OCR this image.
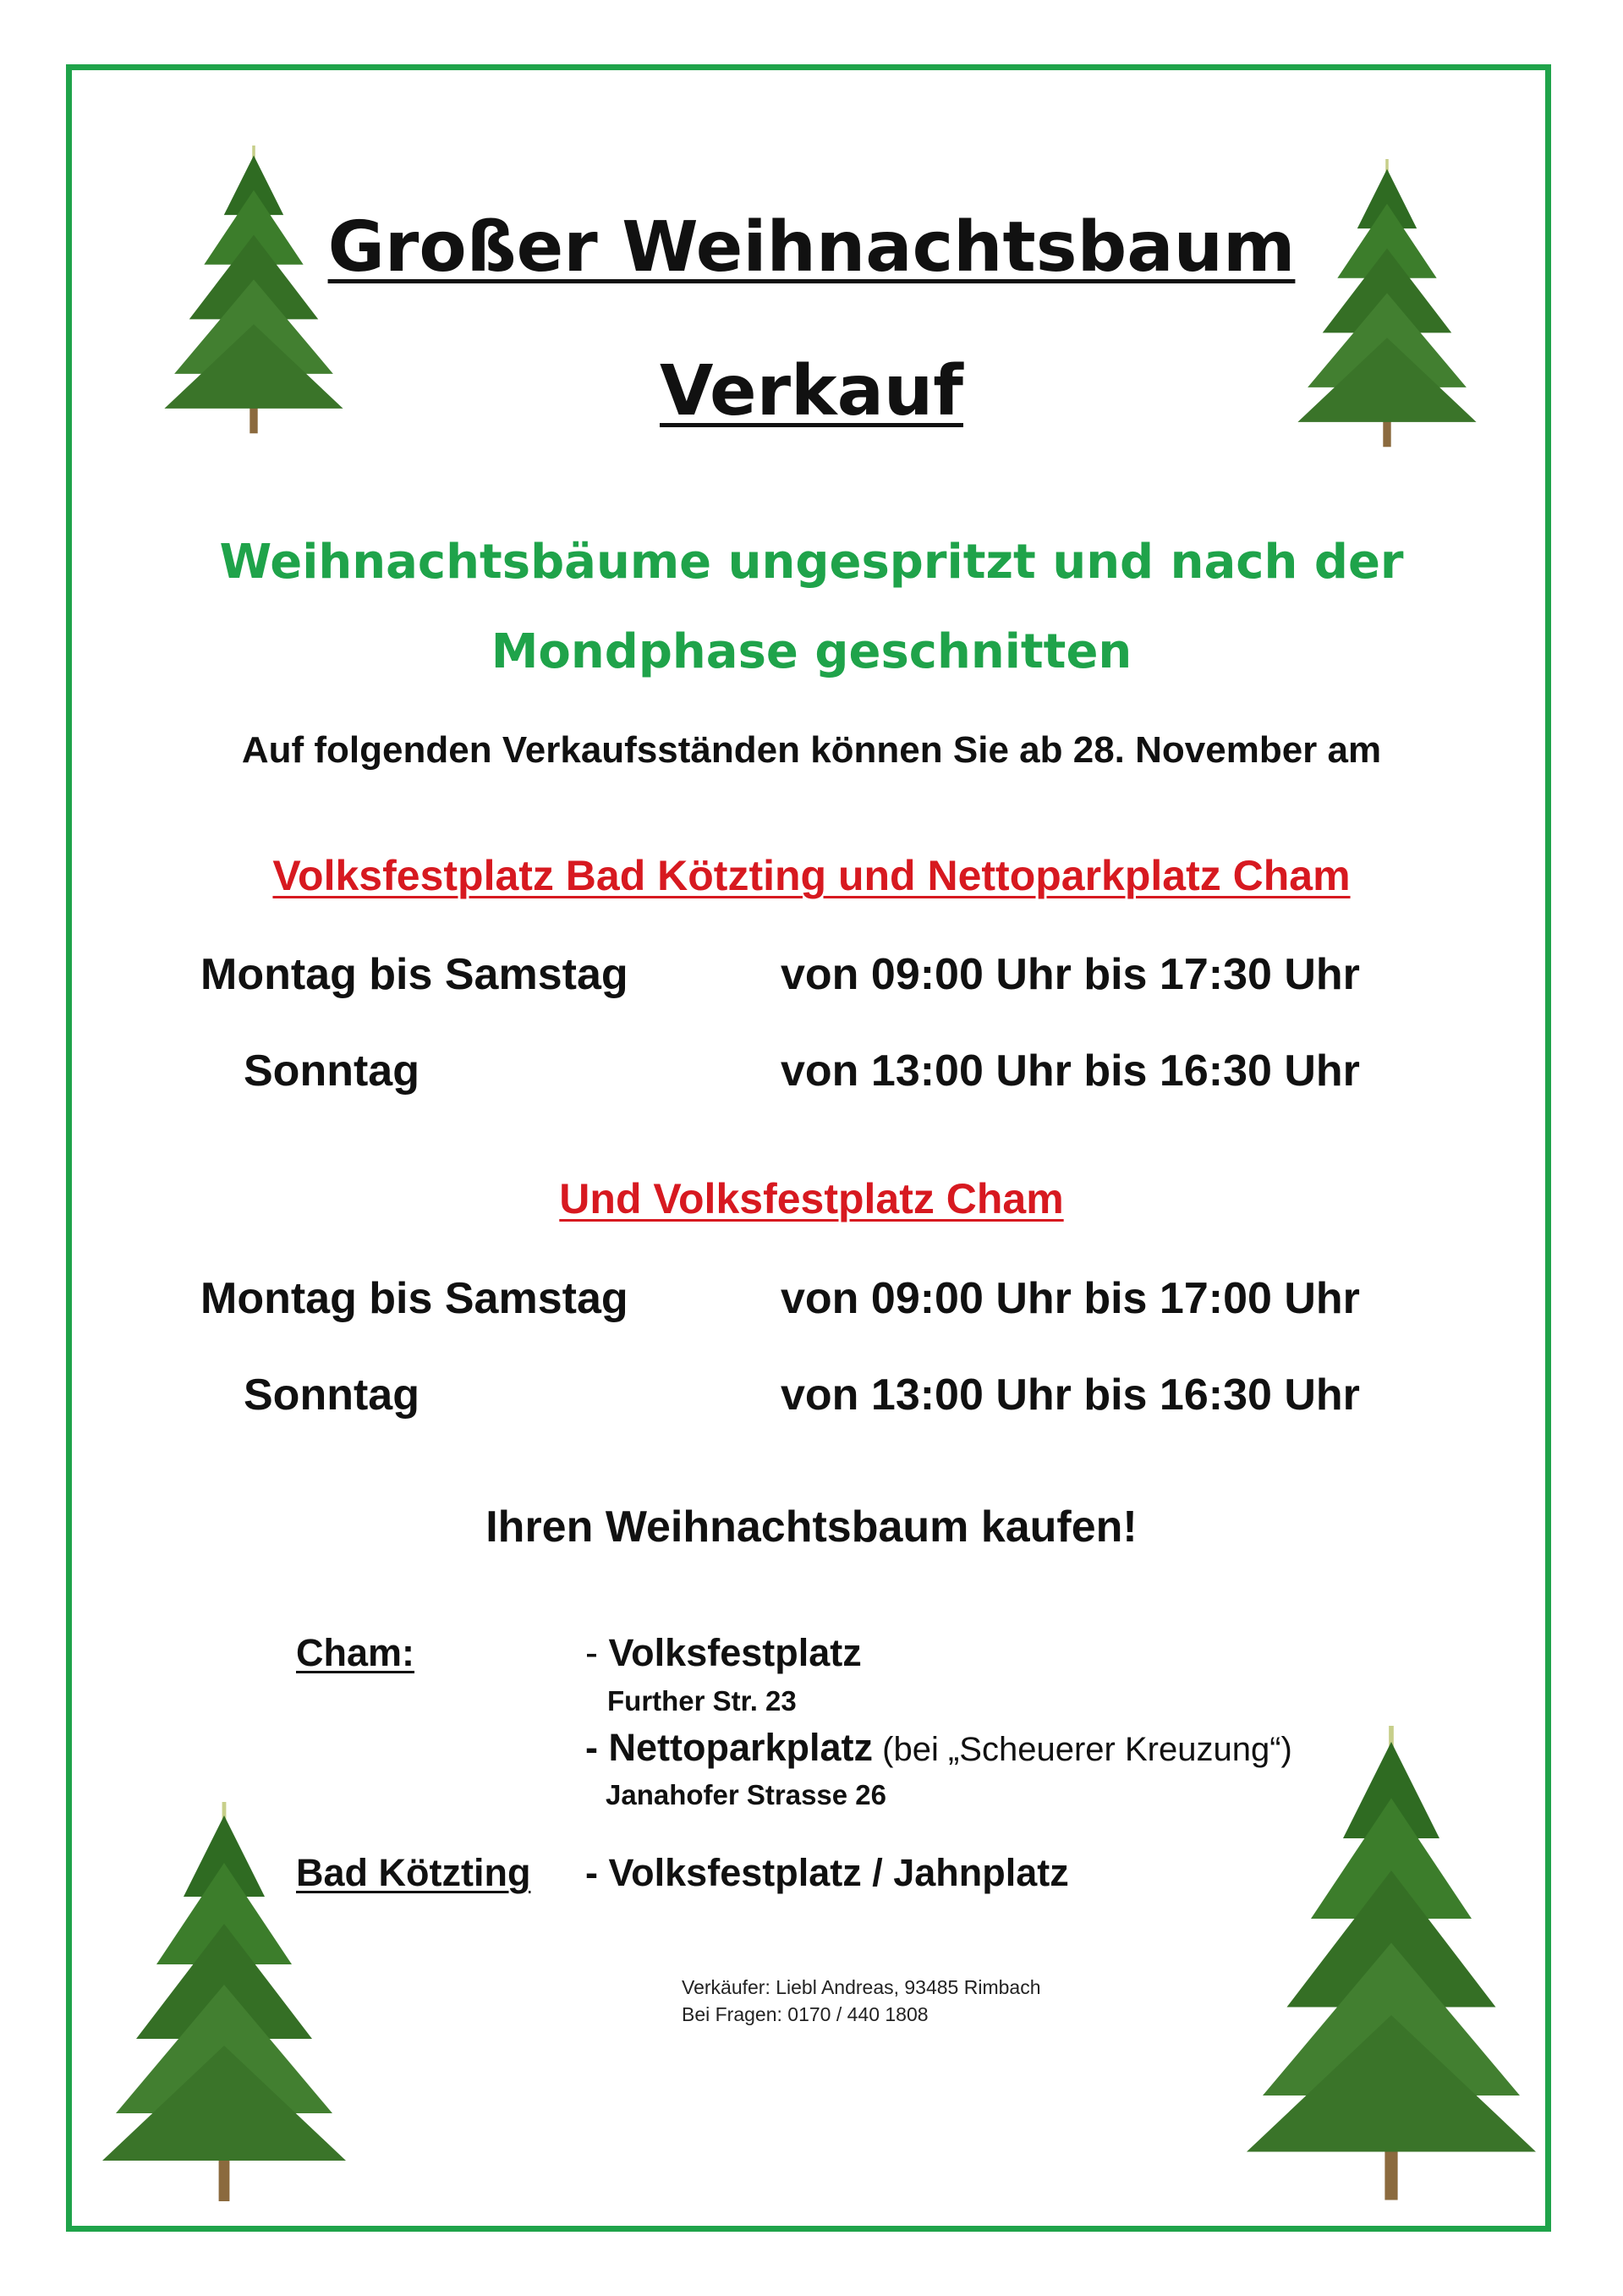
Großer Weihnachtsbaum
Verkauf
Weihnachtsbäume ungespritzt und nach der
Mondphase geschnitten
Auf folgenden Verkaufsständen können Sie ab 28. November am
Volksfestplatz Bad Kötzting und Nettoparkplatz Cham
Montag bis Samstag	von 09:00 Uhr bis 17:30 Uhr
Sonntag	von 13:00 Uhr bis 16:30 Uhr
Und Volksfestplatz Cham
Montag bis Samstag	von 09:00 Uhr bis 17:00 Uhr
Sonntag	von 13:00 Uhr bis 16:30 Uhr
Ihren Weihnachtsbaum kaufen!
Cham:	- Volksfestplatz
Further Str. 23
- Nettoparkplatz (bei „Scheuerer Kreuzung“)
Janahofer Strasse 26
Bad Kötzting - Volksfestplatz / Jahnplatz
Verkäufer: Liebl Andreas, 93485 Rimbach
Bei Fragen: 0170 / 440 1808
